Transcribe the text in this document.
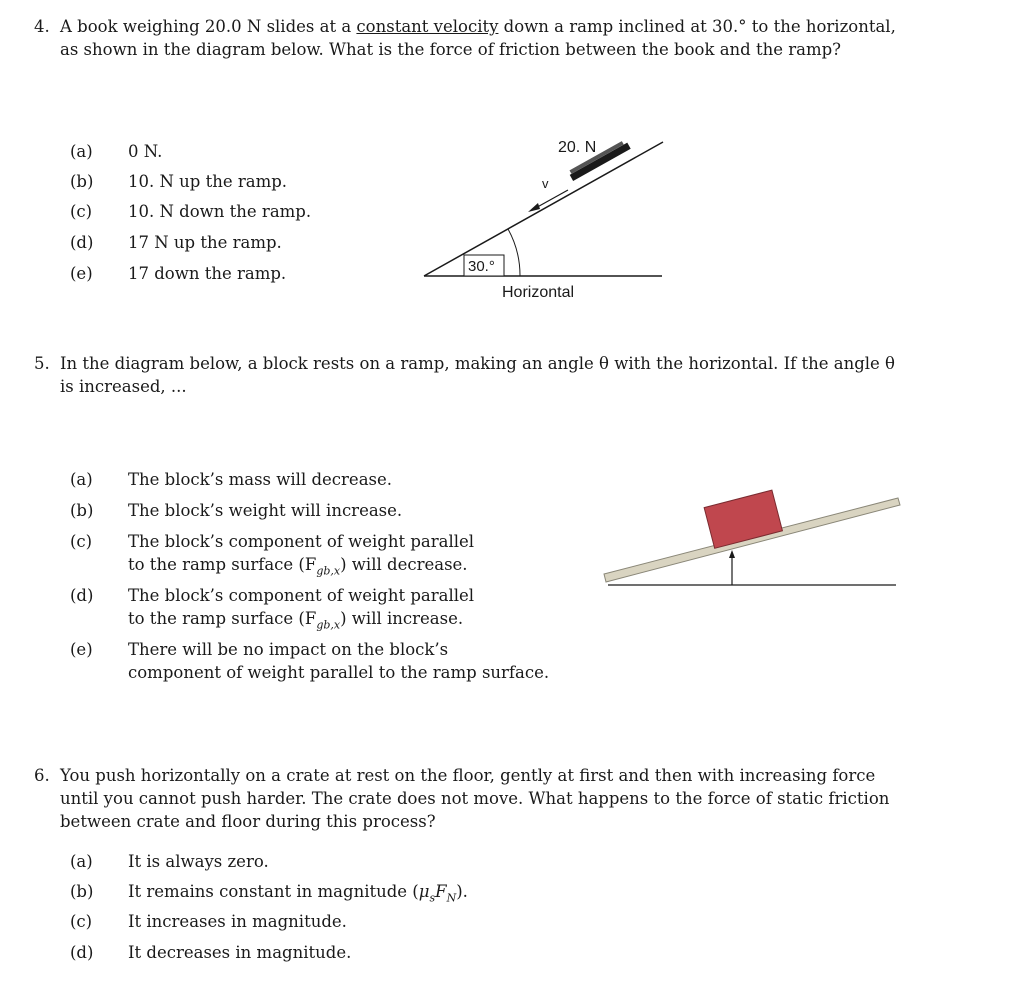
4. A book weighing 20.0 N slides at a constant velocity down a ramp inclined at 30.° to the horizontal,
as shown in the diagram below. What is the force of friction between the book and the ramp?
(a) 0 N.
(b) 10. N up the ramp.
(c) 10. N down the ramp.
(d) 17 N up the ramp.
(e) 17 down the ramp.
20. N
v
30.°
Horizontal
5. In the diagram below, a block rests on a ramp, making an angle θ with the horizontal. If the angle θ
is increased, ...
(a) The block’s mass will decrease.
(b) The block’s weight will increase.
(c) The block’s component of weight parallel
to the ramp surface $(F_{gb,x})$ will decrease.
(d) The block’s component of weight parallel
to the ramp surface $(F_{gb,x})$ will increase.
(e) There will be no impact on the block’s
component of weight parallel to the ramp surface.
6. You push horizontally on a crate at rest on the floor, gently at first and then with increasing force
until you cannot push harder. The crate does not move. What happens to the force of static friction
between crate and floor during this process?
(a) It is always zero.
(b) It remains constant in magnitude $(\mu_sF_N)$.
(c) It increases in magnitude.
(d) It decreases in magnitude.
